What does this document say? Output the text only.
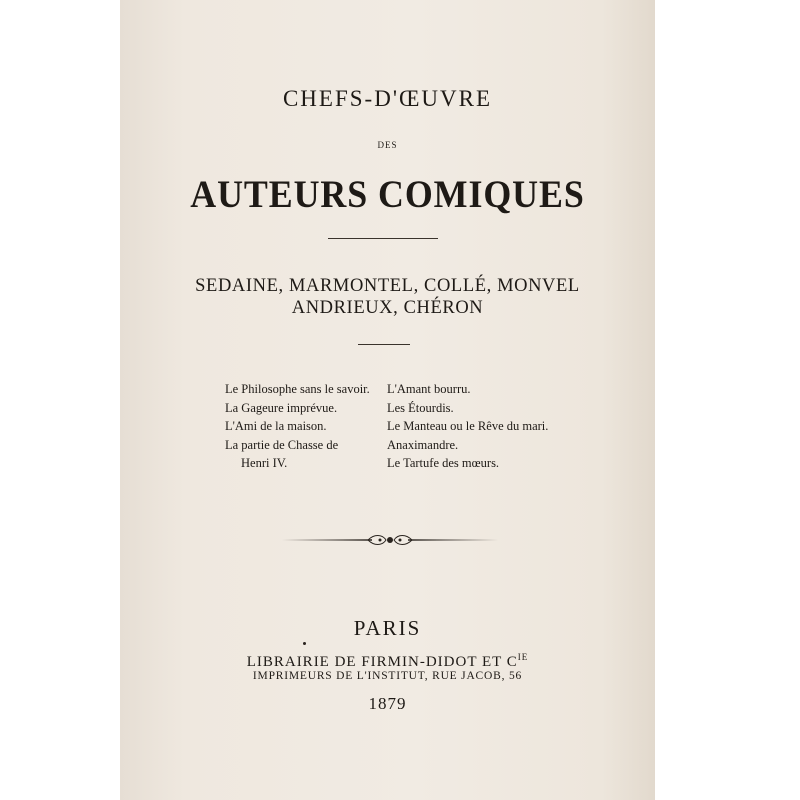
CHEFS-D'ŒUVRE
DES
AUTEURS COMIQUES
SEDAINE, MARMONTEL, COLLÉ, MONVEL
ANDRIEUX, CHÉRON
Le Philosophe sans le savoir.
La Gageure imprévue.
L'Ami de la maison.
La partie de Chasse de
Henri IV.
L'Amant bourru.
Les Étourdis.
Le Manteau ou le Rêve du mari.
Anaximandre.
Le Tartufe des mœurs.
PARIS
LIBRAIRIE DE FIRMIN-DIDOT ET $C^{IE}$
IMPRIMEURS DE L'INSTITUT, RUE JACOB, 56
1879
